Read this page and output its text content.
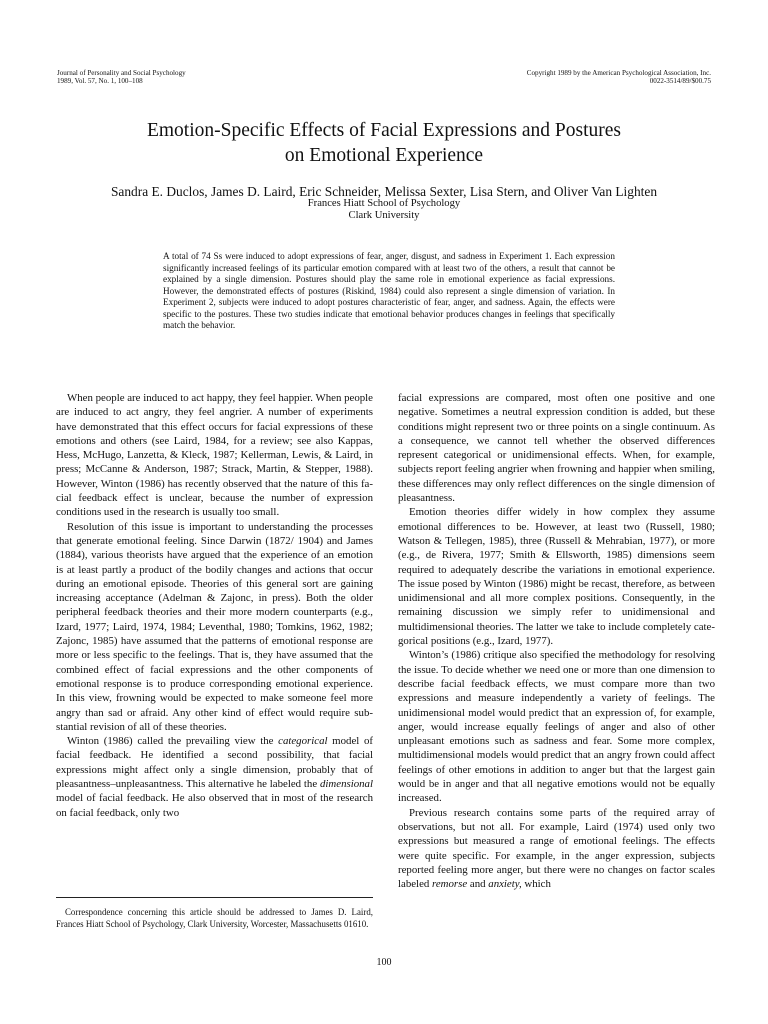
Journal of Personality and Social Psychology
1989, Vol. 57, No. 1, 100–108
Copyright 1989 by the American Psychological Association, Inc.
0022-3514/89/$00.75
Emotion-Specific Effects of Facial Expressions and Postures
on Emotional Experience
Sandra E. Duclos, James D. Laird, Eric Schneider, Melissa Sexter, Lisa Stern, and Oliver Van Lighten
Frances Hiatt School of Psychology
Clark University
A total of 74 Ss were induced to adopt expressions of fear, anger, disgust, and sadness in Experiment 1. Each expression significantly increased feelings of its particular emotion compared with at least two of the others, a result that cannot be explained by a single dimension. Postures should play the same role in emotional experience as facial expressions. However, the demonstrated effects of postures (Riskind, 1984) could also represent a single dimension of variation. In Experiment 2, subjects were induced to adopt postures characteristic of fear, anger, and sadness. Again, the effects were specific to the postures. These two studies indicate that emotional behavior produces changes in feelings that specifically match the behavior.

When people are induced to act happy, they feel happier. When people are induced to act angry, they feel angrier. A number of experiments have demonstrated that this effect occurs for facial expressions of these emotions and others (see Laird, 1984, for a review; see also Kappas, Hess, McHugo, Lanzetta, & Kleck, 1987; Kellerman, Lewis, & Laird, in press; McCanne & Anderson, 1987; Strack, Martin, & Stepper, 1988). However, Winton (1986) has recently observed that the nature of this facial feedback effect is unclear, because the number of expression conditions used in the research is usually too small.

Resolution of this issue is important to understanding the processes that generate emotional feeling. Since Darwin (1872/ 1904) and James (1884), various theorists have argued that the experience of an emotion is at least partly a product of the bodily changes and actions that occur during an emotional episode. Theories of this general sort are gaining increasing acceptance (Adelman & Zajonc, in press). Both the older peripheral feedback theories and their more modern counterparts (e.g., Izard, 1977; Laird, 1974, 1984; Leventhal, 1980; Tomkins, 1962, 1982; Zajonc, 1985) have assumed that the patterns of emotional response are more or less specific to the feelings. That is, they have assumed that the combined effect of facial expressions and the other components of emotional response is to produce corresponding emotional experience. In this view, frowning would be expected to make someone feel more angry than sad or afraid. Any other kind of effect would require substantial revision of all of these theories.

Winton (1986) called the prevailing view the categorical model of facial feedback. He identified a second possibility, that facial expressions might affect only a single dimension, probably that of pleasantness–unpleasantness. This alternative he labeled the dimensional model of facial feedback. He also observed that in most of the research on facial feedback, only two

facial expressions are compared, most often one positive and one negative. Sometimes a neutral expression condition is added, but these conditions might represent two or three points on a single continuum. As a consequence, we cannot tell whether the observed differences represent categorical or unidimensional effects. When, for example, subjects report feeling angrier when frowning and happier when smiling, these differences may only reflect differences on the single dimension of pleasantness.

Emotion theories differ widely in how complex they assume emotional differences to be. However, at least two (Russell, 1980; Watson & Tellegen, 1985), three (Russell & Mehrabian, 1977), or more (e.g., de Rivera, 1977; Smith & Ellsworth, 1985) dimensions seem required to adequately describe the variations in emotional experience. The issue posed by Winton (1986) might be recast, therefore, as between unidimensional and all more complex positions. Consequently, in the remaining discussion we simply refer to unidimensional and multidimensional theories. The latter we take to include completely categorical positions (e.g., Izard, 1977).

Winton’s (1986) critique also specified the methodology for resolving the issue. To decide whether we need one or more than one dimension to describe facial feedback effects, we must compare more than two expressions and measure independently a variety of feelings. The unidimensional model would predict that an expression of, for example, anger, would increase equally feelings of anger and also of other unpleasant emotions such as sadness and fear. Some more complex, multidimensional models would predict that an angry frown could affect feelings of other emotions in addition to anger but that the largest gain would be in anger and that all negative emotions would not be equally increased.

Previous research contains some parts of the required array of observations, but not all. For example, Laird (1974) used only two expressions but measured a range of emotional feelings. The effects were quite specific. For example, in the anger expression, subjects reported feeling more anger, but there were no changes on factor scales labeled remorse and anxiety, which

Correspondence concerning this article should be addressed to James D. Laird, Frances Hiatt School of Psychology, Clark University, Worcester, Massachusetts 01610.
100
